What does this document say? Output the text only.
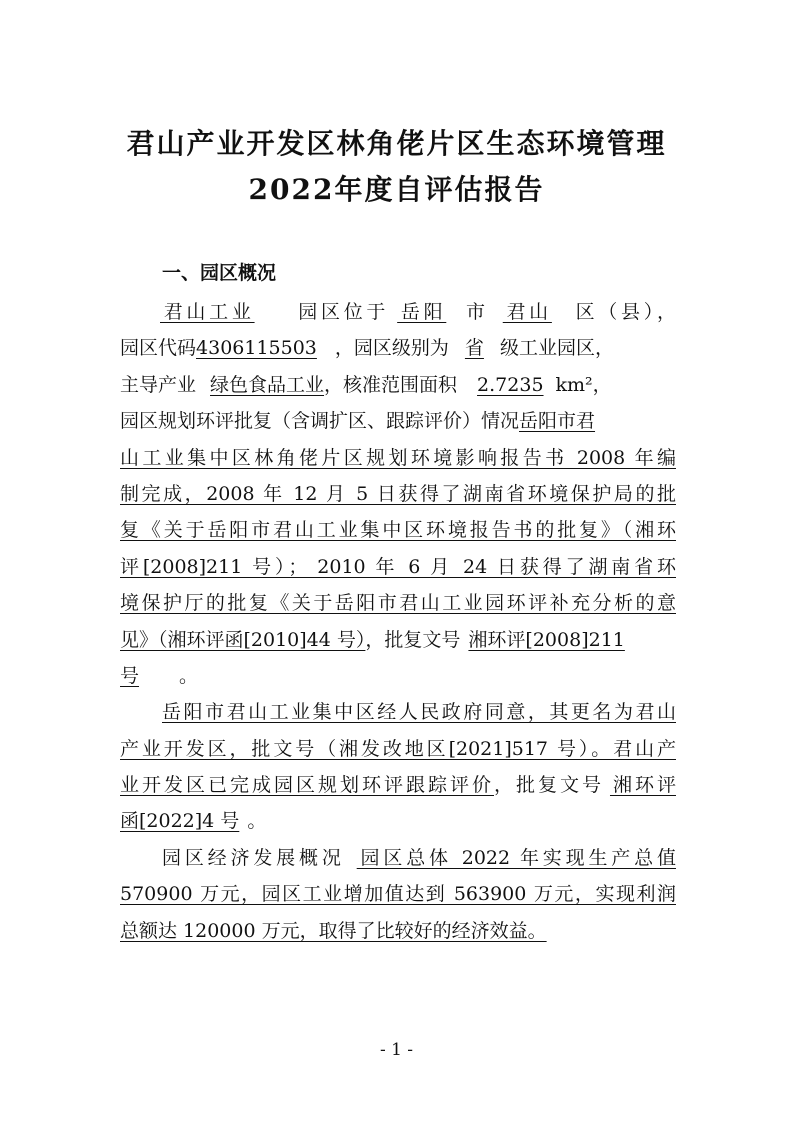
君山产业开发区林角佬片区生态环境管理
2022年度自评估报告
一、园区概况
君山工业 园区位于 岳阳 市 君山 区（县），
园区代码4306115503 ，园区级别为 省 级工业园区，
主导产业 绿色食品工业，核准范围面积 2.7235 km²，
园区规划环评批复（含调扩区、跟踪评价）情况岳阳市君
山工业集中区林角佬片区规划环境影响报告书 2008 年编
制完成，2008 年 12 月 5 日获得了湖南省环境保护局的批
复《关于岳阳市君山工业集中区环境报告书的批复》（湘环
评[2008]211 号）； 2010 年 6 月 24 日获得了湖南省环
境保护厅的批复《关于岳阳市君山工业园环评补充分析的意
见》（湘环评函[2010]44 号），批复文号 湘环评[2008]211
号 。
岳阳市君山工业集中区经人民政府同意，其更名为君山
产业开发区，批文号（湘发改地区[2021]517 号）。君山产
业开发区已完成园区规划环评跟踪评价，批复文号 湘环评
函[2022]4 号 。
园区经济发展概况 园区总体 2022 年实现生产总值
570900 万元，园区工业增加值达到 563900 万元，实现利润
总额达 120000 万元，取得了比较好的经济效益。
- 1 -
